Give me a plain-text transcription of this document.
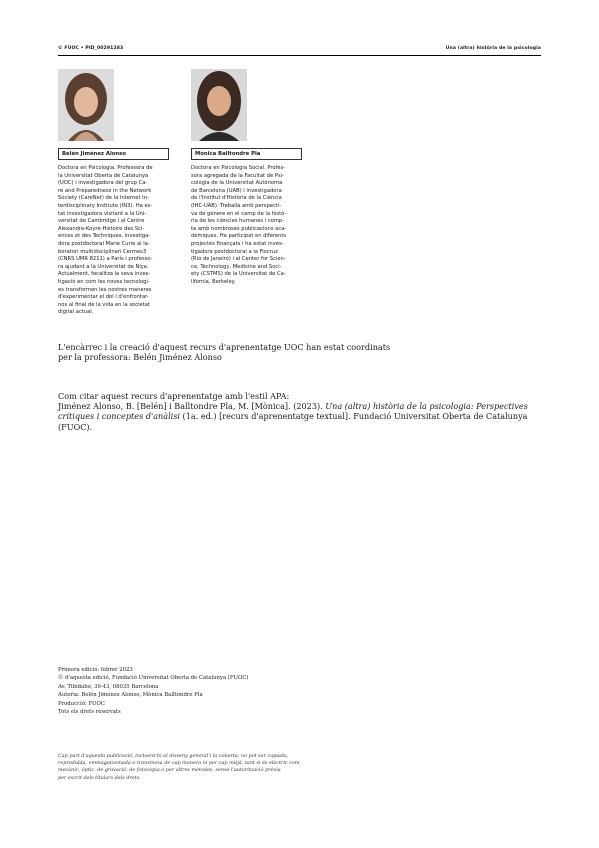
© FUOC • PID_00291283	Una (altra) història de la psicologia
Belén Jiménez Alonso	Mònica Balltondre Pla
Doctora en Psicologia. Professora de
la Universitat Oberta de Catalunya
(UOC) i investigadora del grup Ca-
re and Preparedness in the Network
Society (CareNet) de la Internet In-
terdisciplinary Institute (IN3). Ha es-
tat investigadora visitant a la Uni-
versitat de Cambridge i al Centre
Alexandre-Koyré-Histoire des Sci-
ences et des Techniques, investiga-
dora postdoctoral Marie Curie al la-
boratori multidisciplinari Cermes3
(CNRS UMR 8211) a París i professo-
ra ajudant a la Universitat de Niça.
Actualment, focalitza la seva inves-
tigació en com les noves tecnologi-
es transformen les nostres maneres
d'experimentar el dol i d'enfrontar-
nos al final de la vida en la societat
digital actual.
Doctora en Psicologia Social. Profes-
sora agregada de la Facultat de Psi-
cologia de la Universitat Autònoma
de Barcelona (UAB) i investigadora
de l'Institut d'Història de la Ciència
(IHC-UAB). Treballa amb perspecti-
va de gènere en el camp de la histò-
ria de les ciències humanes i comp-
ta amb nombroses publicacions aca-
dèmiques. Ha participat en diferents
projectes finançats i ha estat inves-
tigadora postdoctoral a la Fiocruz
(Rio de Janeiro) i al Center for Scien-
ce, Technology, Medicine and Soci-
ety (CSTMS) de la Universitat de Ca-
lifòrnia, Berkeley.
L'encàrrec i la creació d'aquest recurs d'aprenentatge UOC han estat coordinats
per la professora: Belén Jiménez Alonso
Com citar aquest recurs d'aprenentatge amb l'estil APA:
Jiménez Alonso, B. [Belén] i Balltondre Pla, M. [Mònica]. (2023). Una (altra) història de la psicologia: Perspectives
crítiques i conceptes d'anàlisi (1a. ed.) [recurs d'aprenentatge textual]. Fundació Universitat Oberta de Catalunya
(FUOC).
Primera edició: febrer 2023
© d'aquesta edició, Fundació Universitat Oberta de Catalunya (FUOC)
Av. Tibidabo, 39-43, 08035 Barcelona
Autoria: Belén Jiménez Alonso, Mònica Balltondre Pla
Producció: FUOC
Tots els drets reservats
Cap part d'aquesta publicació, incloent-hi el disseny general i la coberta, no pot ser copiada,
reproduïda, emmagatzemada o transmesa de cap manera ni per cap mitjà, tant si és elèctric com
mecànic, òptic, de gravació, de fotocòpia o per altres mètodes, sense l'autorització prèvia
per escrit dels titulars dels drets.
